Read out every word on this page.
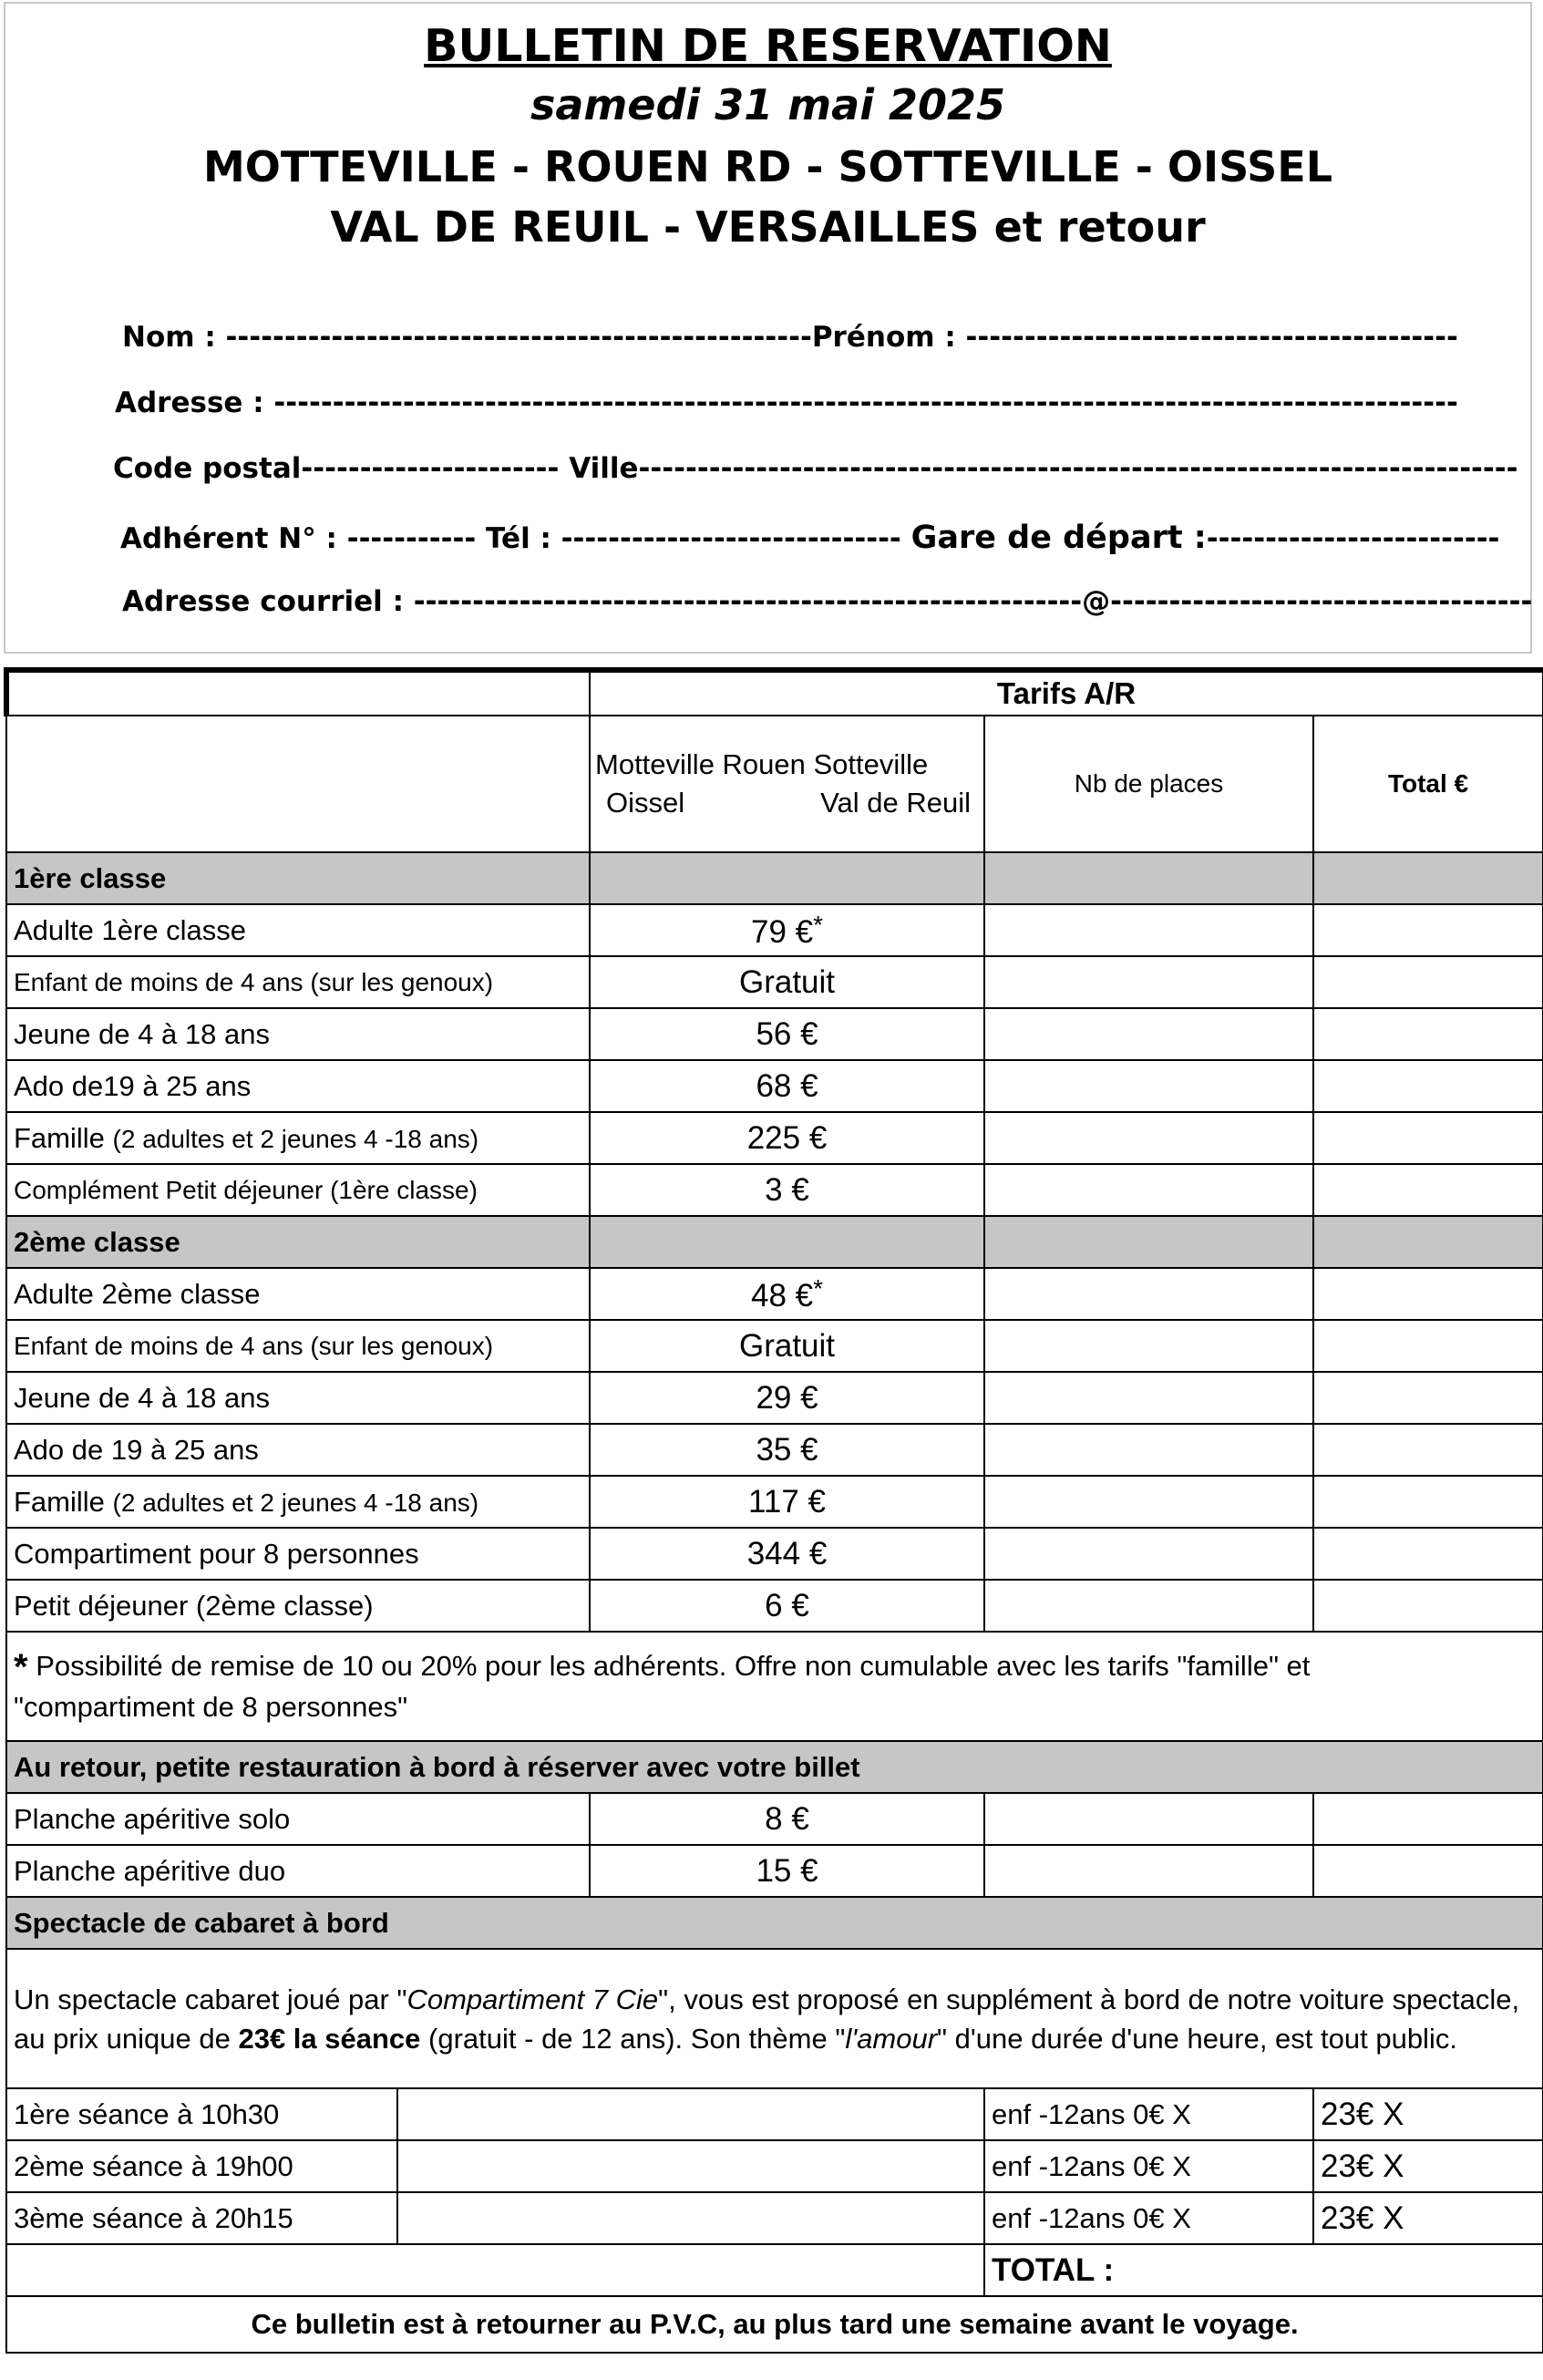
BULLETIN DE RESERVATION
samedi 31 mai 2025
MOTTEVILLE - ROUEN RD - SOTTEVILLE - OISSEL
VAL DE REUIL - VERSAILLES et retour
Nom : --------------------------------------------------Prénom : ------------------------------------------
Adresse : -----------------------------------------------------------------------------------------------------
Code postal---------------------- Ville---------------------------------------------------------------------------
Adhérent N° : ----------- Tél : ----------------------------- Gare de départ :-------------------------
Adresse courriel : ---------------------------------------------------------@------------------------------------
	Tarifs A/R		

	Motteville Rouen Sotteville
Oissel Val de Reuil	Nb de places	Total €
1ère classe			
Adulte 1ère classe	79 €*		
Enfant de moins de 4 ans (sur les genoux)	Gratuit		
Jeune de 4 à 18 ans	56 €		
Ado de19 à 25 ans	68 €		
Famille (2 adultes et 2 jeunes 4 -18 ans)	225 €		
Complément Petit déjeuner (1ère classe)	3 €		
2ème classe			
Adulte 2ème classe	48 €*		
Enfant de moins de 4 ans (sur les genoux)	Gratuit		
Jeune de 4 à 18 ans	29 €		
Ado de 19 à 25 ans	35 €		
Famille (2 adultes et 2 jeunes 4 -18 ans)	117 €		
Compartiment pour 8 personnes	344 €		
Petit déjeuner (2ème classe)	6 €		
* Possibilité de remise de 10 ou 20% pour les adhérents. Offre non cumulable avec les tarifs "famille" et
"compartiment de 8 personnes"			
Au retour, petite restauration à bord à réserver avec votre billet			
Planche apéritive solo	8 €		
Planche apéritive duo	15 €		
Spectacle de cabaret à bord			
Un spectacle cabaret joué par "Compartiment 7 Cie", vous est proposé en supplément à bord de notre voiture spectacle, au prix unique de 23€ la séance (gratuit - de 12 ans). Son thème "l'amour" d'une durée d'une heure, est tout public.			

1ère séance à 10h30		enf -12ans 0€ X	23€ X

2ème séance à 19h00		enf -12ans 0€ X	23€ X

3ème séance à 20h15		enf -12ans 0€ X	23€ X
		TOTAL :	
Ce bulletin est à retourner au P.V.C, au plus tard une semaine avant le voyage.			
